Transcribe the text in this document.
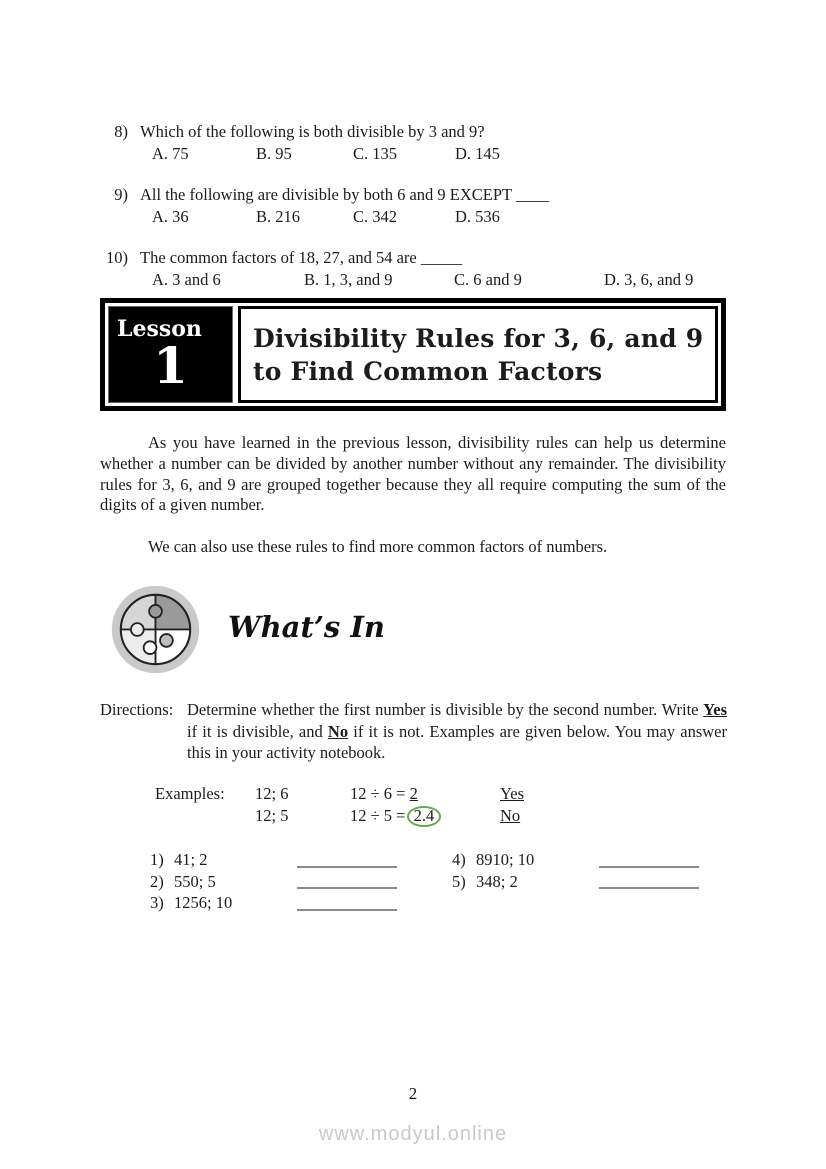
8) Which of the following is both divisible by 3 and 9?
A. 75	B. 95	C. 135	D. 145
9) All the following are divisible by both 6 and 9 EXCEPT ____
A. 36	B. 216	C. 342	D. 536
10) The common factors of 18, 27, and 54 are _____
A. 3 and 6	B. 1, 3, and 9	C. 6 and 9	D. 3, 6, and 9
Lesson
1	Divisibility Rules for 3, 6, and 9
to Find Common Factors

As you have learned in the previous lesson, divisibility rules can help us determine whether a number can be divided by another number without any remainder. The divisibility rules for 3, 6, and 9 are grouped together because they all require computing the sum of the digits of a given number.

We can also use these rules to find more common factors of numbers.

What’s In
Directions: Determine whether the first number is divisible by the second number. Write Yes if it is divisible, and No if it is not. Examples are given below. You may answer this in your activity notebook.
Examples:	12; 6	12 ÷ 6 = 2	Yes
12; 5	12 ÷ 5 = 2.4	No
1) 41; 2
2) 550; 5
3) 1256; 10
4) 8910; 10
5) 348; 2
2
www.modyul.online
